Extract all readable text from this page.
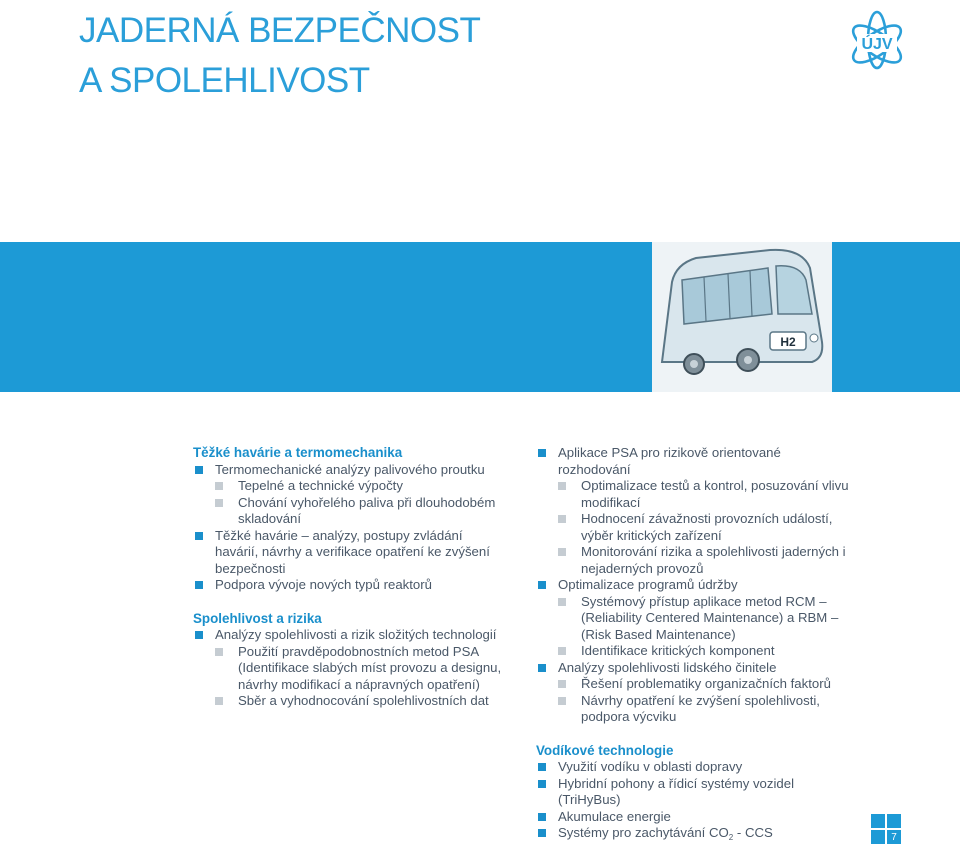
JADERNÁ BEZPEČNOST
A SPOLEHLIVOST
ÚJV
H2
Těžké havárie a termomechanika
Termomechanické analýzy palivového proutku
Tepelné a technické výpočty
Chování vyhořelého paliva při dlouhodobém skladování
Těžké havárie – analýzy, postupy zvládání havárií, návrhy a verifikace opatření ke zvýšení bezpečnosti
Podpora vývoje nových typů reaktorů
Spolehlivost a rizika
Analýzy spolehlivosti a rizik složitých technologií
Použití pravděpodobnostních metod PSA (Identifikace slabých míst provozu a designu, návrhy modifikací a nápravných opatření)
Sběr a vyhodnocování spolehlivostních dat
Aplikace PSA pro rizikově orientované rozhodování
Optimalizace testů a kontrol, posuzování vlivu modifikací
Hodnocení závažnosti provozních událostí, výběr kritických zařízení
Monitorování rizika a spolehlivosti jaderných i nejaderných provozů
Optimalizace programů údržby
Systémový přístup aplikace metod RCM – (Reliability Centered Maintenance) a RBM – (Risk Based Maintenance)
Identifikace kritických komponent
Analýzy spolehlivosti lidského činitele
Řešení problematiky organizačních faktorů
Návrhy opatření ke zvýšení spolehlivosti, podpora výcviku
Vodíkové technologie
Využití vodíku v oblasti dopravy
Hybridní pohony a řídicí systémy vozidel (TriHyBus)
Akumulace energie
Systémy pro zachytávání $CO_2$ - CCS	7
